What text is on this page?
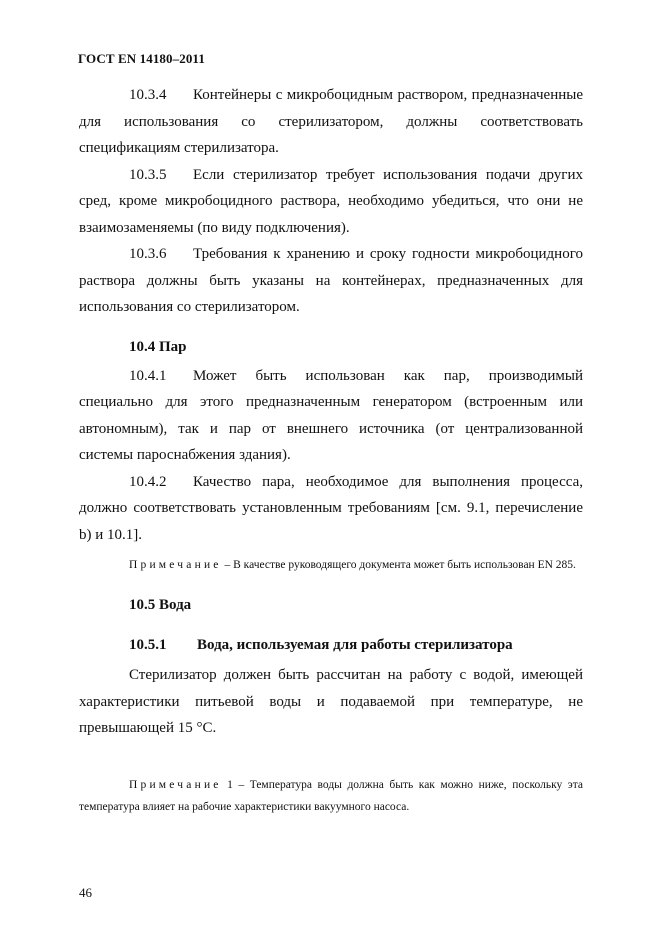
ГОСТ EN 14180–2011

10.3.4 Контейнеры с микробоцидным раствором, предназначенные для использования со стерилизатором, должны соответствовать спецификациям стерилизатора.

10.3.5 Если стерилизатор требует использования подачи других сред, кроме микробоцидного раствора, необходимо убедиться, что они не взаимозаменяемы (по виду подключения).

10.3.6 Требования к хранению и сроку годности микробоцидного раствора должны быть указаны на контейнерах, предназначенных для использования со стерилизатором.

10.4 Пар

10.4.1 Может быть использован как пар, производимый специально для этого предназначенным генератором (встроенным или автономным), так и пар от внешнего источника (от централизованной системы пароснабжения здания).

10.4.2 Качество пара, необходимое для выполнения процесса, должно соответствовать установленным требованиям [см. 9.1, перечисление b) и 10.1].

Примечание – В качестве руководящего документа может быть использован EN 285.

10.5 Вода
10.5.1 Вода, используемая для работы стерилизатора

Стерилизатор должен быть рассчитан на работу с водой, имеющей характеристики питьевой воды и подаваемой при температуре, не превышающей 15 °С.

Примечание 1 – Температура воды должна быть как можно ниже, поскольку эта температура влияет на рабочие характеристики вакуумного насоса.

46
